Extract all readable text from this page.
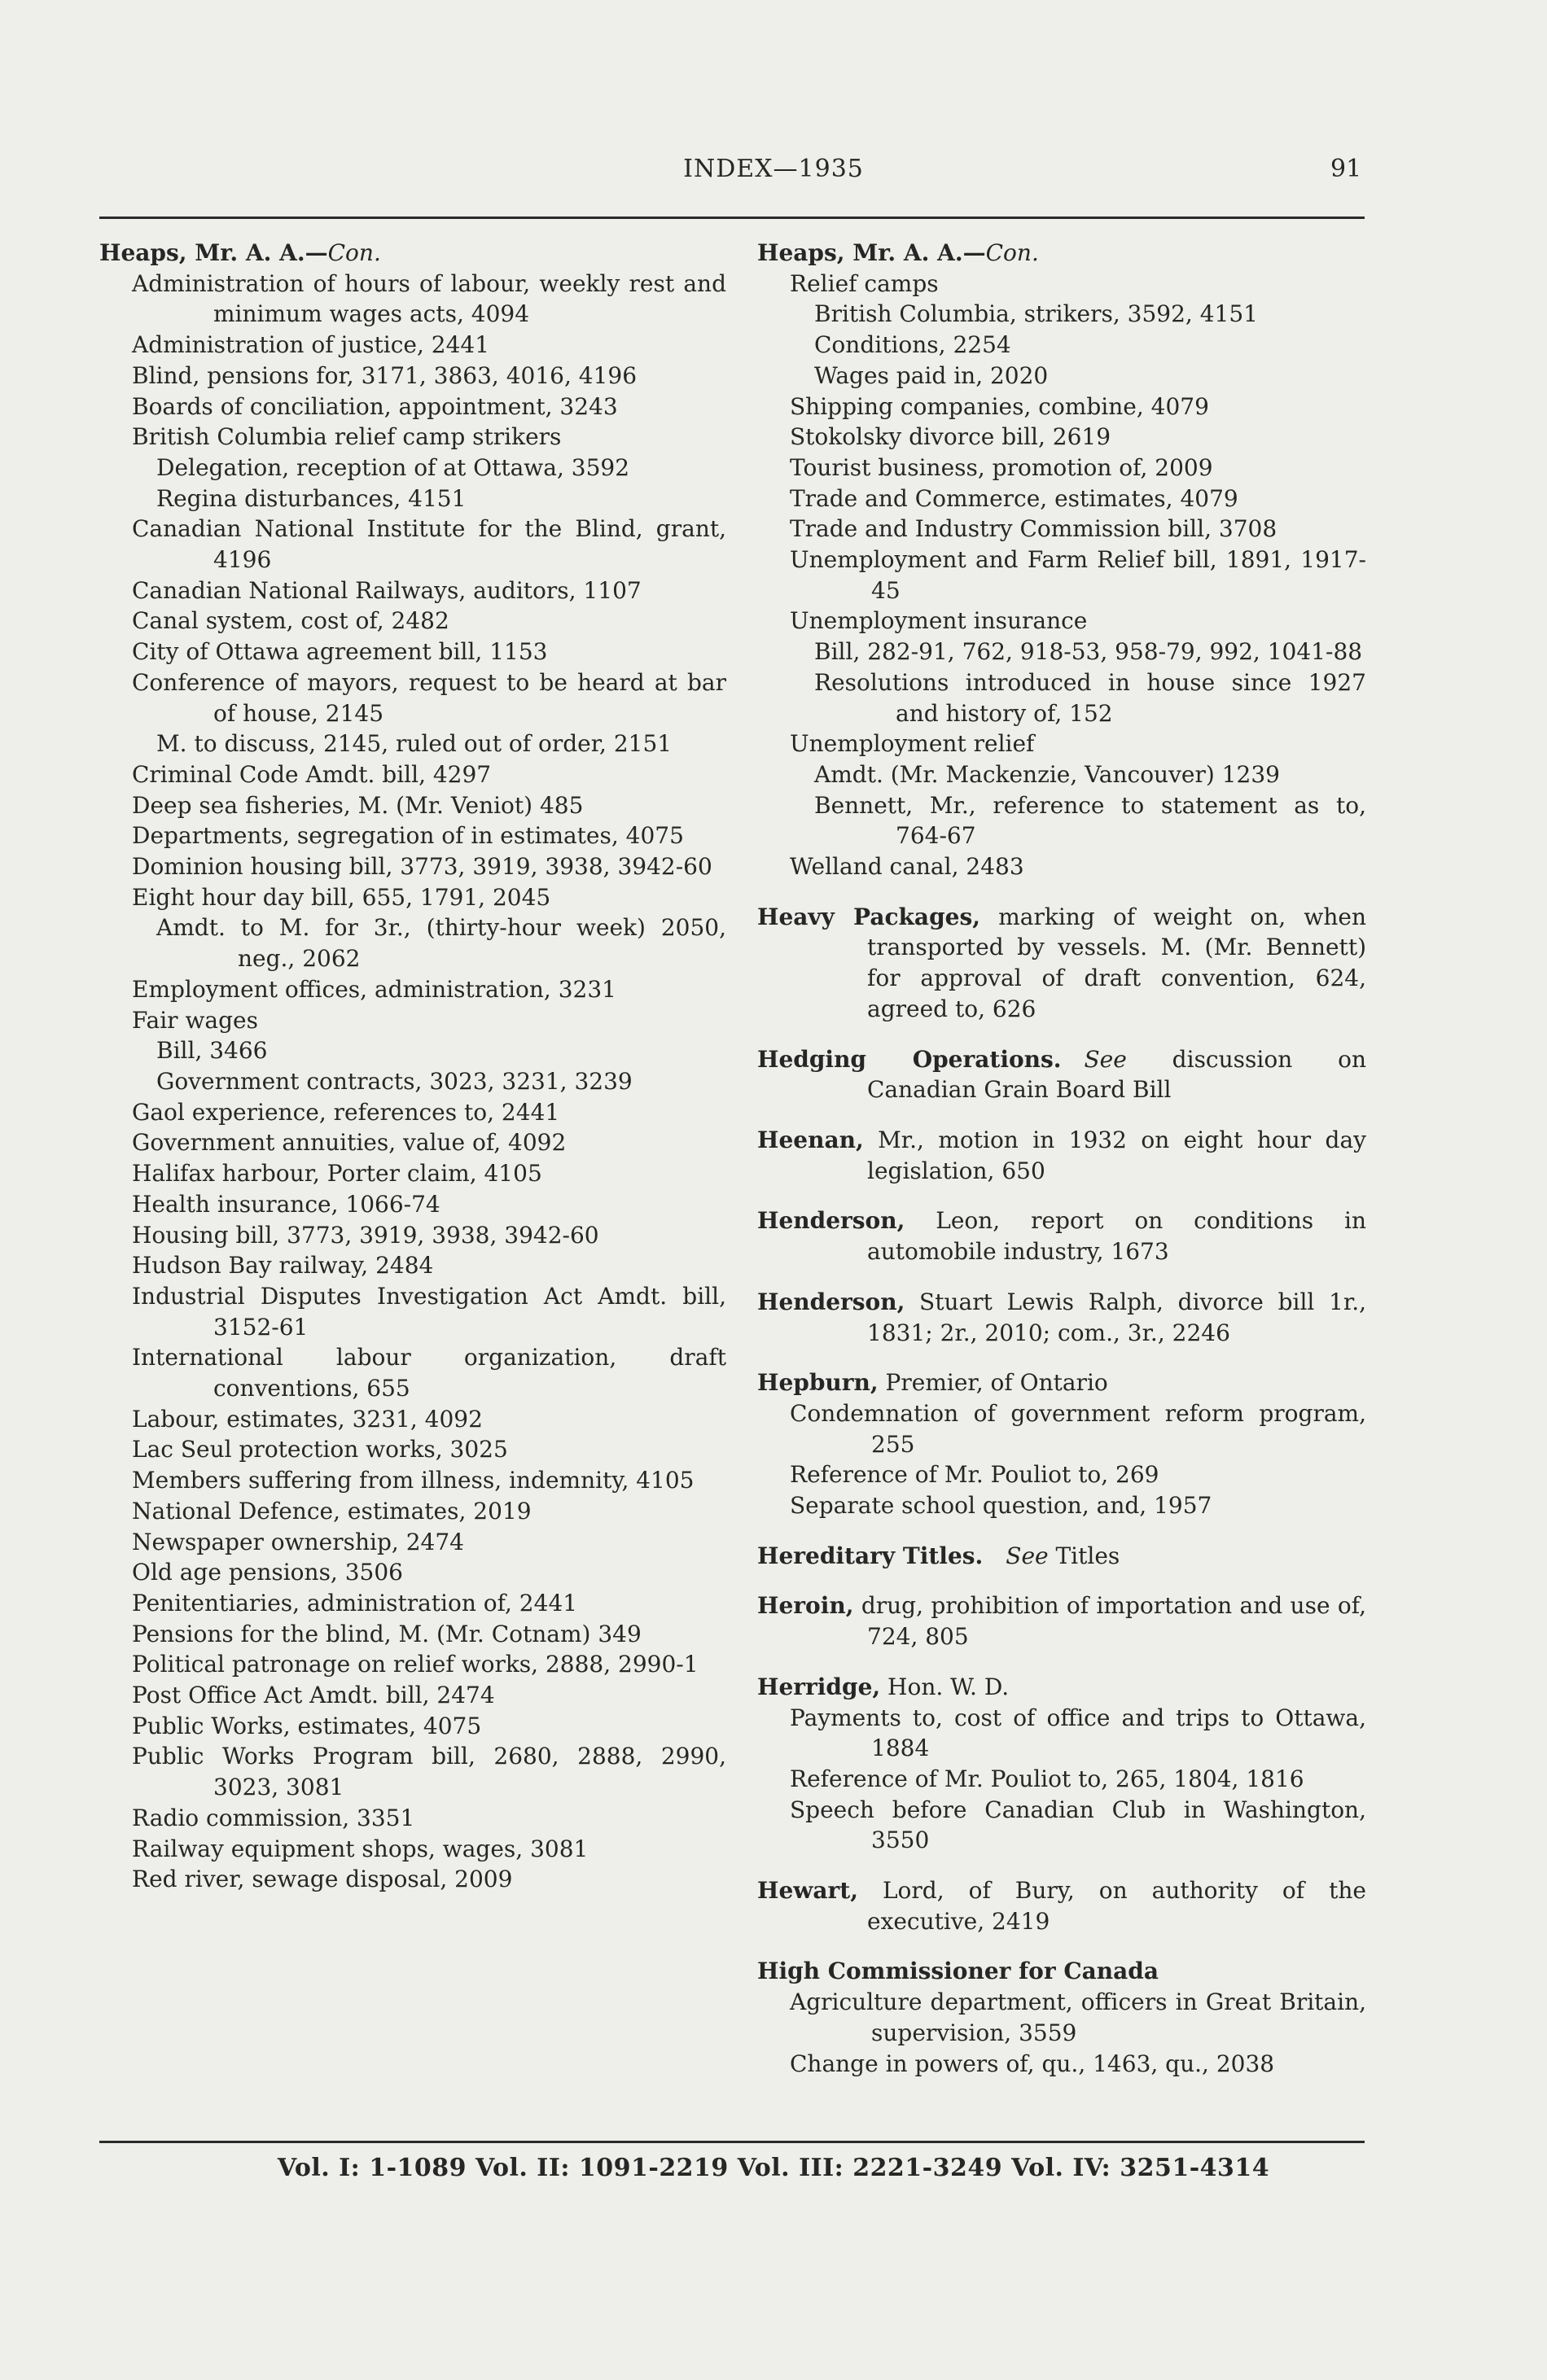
INDEX—1935	91
Heaps, Mr. A. A.—Con.
Administration of hours of labour, weekly rest and minimum wages acts, 4094
Administration of justice, 2441
Blind, pensions for, 3171, 3863, 4016, 4196
Boards of conciliation, appointment, 3243
British Columbia relief camp strikers
Delegation, reception of at Ottawa, 3592
Regina disturbances, 4151
Canadian National Institute for the Blind, grant, 4196
Canadian National Railways, auditors, 1107
Canal system, cost of, 2482
City of Ottawa agreement bill, 1153
Conference of mayors, request to be heard at bar of house, 2145
M. to discuss, 2145, ruled out of order, 2151
Criminal Code Amdt. bill, 4297
Deep sea fisheries, M. (Mr. Veniot) 485
Departments, segregation of in estimates, 4075
Dominion housing bill, 3773, 3919, 3938, 3942-60
Eight hour day bill, 655, 1791, 2045
Amdt. to M. for 3r., (thirty-hour week) 2050, neg., 2062
Employment offices, administration, 3231
Fair wages
Bill, 3466
Government contracts, 3023, 3231, 3239
Gaol experience, references to, 2441
Government annuities, value of, 4092
Halifax harbour, Porter claim, 4105
Health insurance, 1066-74
Housing bill, 3773, 3919, 3938, 3942-60
Hudson Bay railway, 2484
Industrial Disputes Investigation Act Amdt. bill, 3152-61
International labour organization, draft conventions, 655
Labour, estimates, 3231, 4092
Lac Seul protection works, 3025
Members suffering from illness, indemnity, 4105
National Defence, estimates, 2019
Newspaper ownership, 2474
Old age pensions, 3506
Penitentiaries, administration of, 2441
Pensions for the blind, M. (Mr. Cotnam) 349
Political patronage on relief works, 2888, 2990-1
Post Office Act Amdt. bill, 2474
Public Works, estimates, 4075
Public Works Program bill, 2680, 2888, 2990, 3023, 3081
Radio commission, 3351
Railway equipment shops, wages, 3081
Red river, sewage disposal, 2009
Heaps, Mr. A. A.—Con.
Relief camps
British Columbia, strikers, 3592, 4151
Conditions, 2254
Wages paid in, 2020
Shipping companies, combine, 4079
Stokolsky divorce bill, 2619
Tourist business, promotion of, 2009
Trade and Commerce, estimates, 4079
Trade and Industry Commission bill, 3708
Unemployment and Farm Relief bill, 1891, 1917-45
Unemployment insurance
Bill, 282-91, 762, 918-53, 958-79, 992, 1041-88
Resolutions introduced in house since 1927 and history of, 152
Unemployment relief
Amdt. (Mr. Mackenzie, Vancouver) 1239
Bennett, Mr., reference to statement as to, 764-67
Welland canal, 2483
Heavy Packages, marking of weight on, when transported by vessels. M. (Mr. Bennett) for approval of draft convention, 624, agreed to, 626
Hedging Operations.  See discussion on Canadian Grain Board Bill
Heenan, Mr., motion in 1932 on eight hour day legislation, 650
Henderson, Leon, report on conditions in automobile industry, 1673
Henderson, Stuart Lewis Ralph, divorce bill 1r., 1831; 2r., 2010; com., 3r., 2246
Hepburn, Premier, of Ontario
Condemnation of government reform program, 255
Reference of Mr. Pouliot to, 269
Separate school question, and, 1957
Hereditary Titles.  See Titles
Heroin, drug, prohibition of importation and use of, 724, 805
Herridge, Hon. W. D.
Payments to, cost of office and trips to Ottawa, 1884
Reference of Mr. Pouliot to, 265, 1804, 1816
Speech before Canadian Club in Washington, 3550
Hewart, Lord, of Bury, on authority of the executive, 2419
High Commissioner for Canada
Agriculture department, officers in Great Britain, supervision, 3559
Change in powers of, qu., 1463, qu., 2038
Vol. I: 1-1089 Vol. II: 1091-2219 Vol. III: 2221-3249 Vol. IV: 3251-4314
